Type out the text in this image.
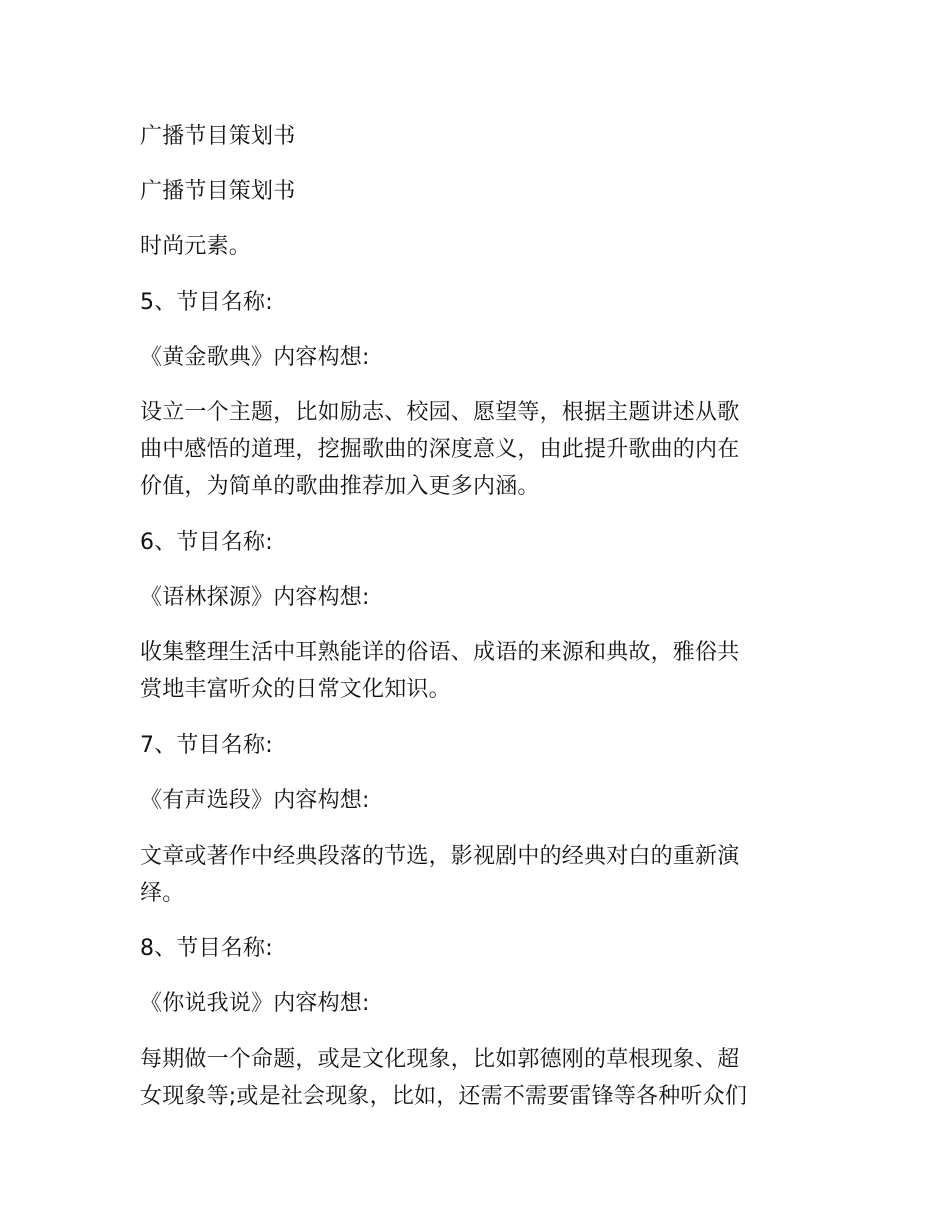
广播节目策划书
广播节目策划书
时尚元素。
5、节目名称:
《黄金歌典》内容构想:
设立一个主题，比如励志、校园、愿望等，根据主题讲述从歌
曲中感悟的道理，挖掘歌曲的深度意义，由此提升歌曲的内在
价值，为简单的歌曲推荐加入更多内涵。
6、节目名称:
《语林探源》内容构想:
收集整理生活中耳熟能详的俗语、成语的来源和典故，雅俗共
赏地丰富听众的日常文化知识。
7、节目名称:
《有声选段》内容构想:
文章或著作中经典段落的节选，影视剧中的经典对白的重新演
绎。
8、节目名称:
《你说我说》内容构想:
每期做一个命题，或是文化现象，比如郭德刚的草根现象、超
女现象等;或是社会现象，比如，还需不需要雷锋等各种听众们
